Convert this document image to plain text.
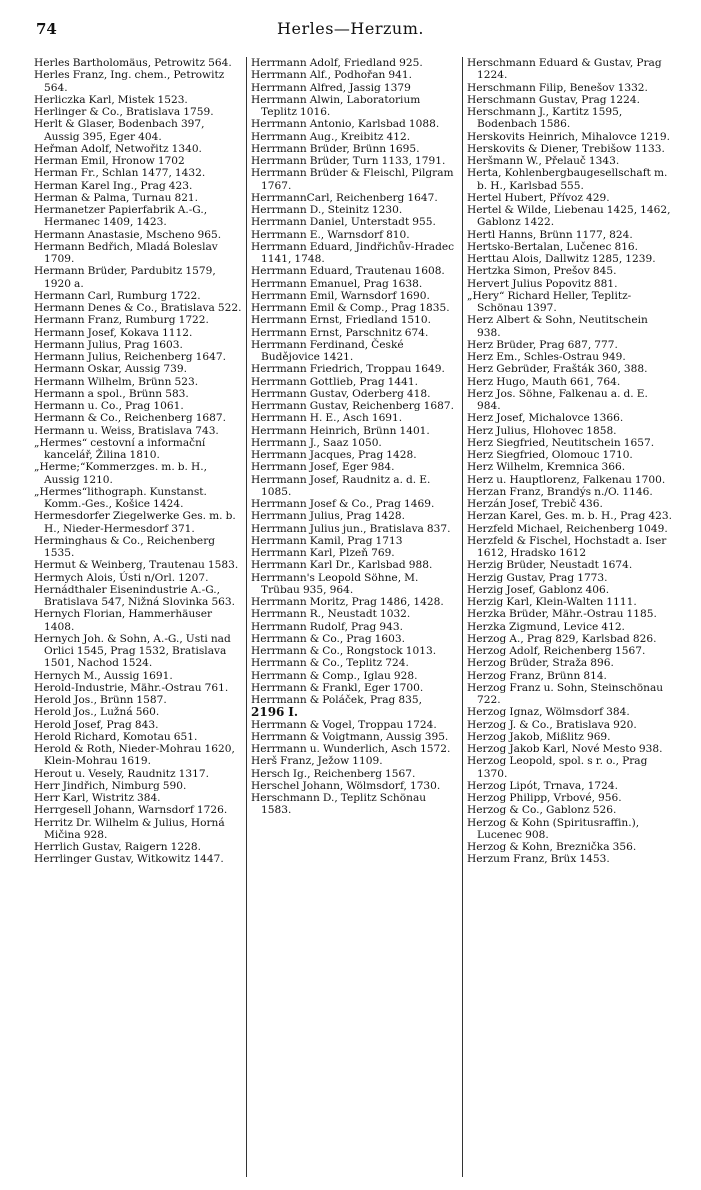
74	Herles—Herzum.

Herles Bartholomäus, Petrowitz 564.

Herles Franz, Ing. chem., Petrowitz 564.

Herliczka Karl, Mistek 1523.

Herlinger & Co., Bratislava 1759.

Herlt & Glaser, Bodenbach 397, Aussig 395, Eger 404.

Heřman Adolf, Netwořitz 1340.

Herman Emil, Hronow 1702

Herman Fr., Schlan 1477, 1432.

Herman Karel Ing., Prag 423.

Herman & Palma, Turnau 821.

Hermanetzer Papierfabrik A.-G., Hermanec 1409, 1423.

Hermann Anastasie, Mscheno 965.

Hermann Bedřich, Mladá Boleslav 1709.

Hermann Brüder, Pardubitz 1579, 1920 a.

Hermann Carl, Rumburg 1722.

Hermann Denes & Co., Bratislava 522.

Hermann Franz, Rumburg 1722.

Hermann Josef, Kokava 1112.

Hermann Julius, Prag 1603.

Hermann Julius, Reichenberg 1647.

Hermann Oskar, Aussig 739.

Hermann Wilhelm, Brünn 523.

Hermann a spol., Brünn 583.

Hermann u. Co., Prag 1061.

Hermann & Co., Reichenberg 1687.

Hermann u. Weiss, Bratislava 743.

„Hermes“ cestovní a informační kancelář, Žilina 1810.

„Herme;“Kommerzges. m. b. H., Aussig 1210.

„Hermes“lithograph. Kunstanst. Komm.-Ges., Košice 1424.

Hermesdorfer Ziegelwerke Ges. m. b. H., Nieder-Hermesdorf 371.

Herminghaus & Co., Reichenberg 1535.

Hermut & Weinberg, Trautenau 1583.

Hermych Alois, Ústi n/Orl. 1207.

Hernádthaler Eisenindustrie A.-G., Bratislava 547, Nižná Slovinka 563.

Hernych Florian, Hammerhäuser 1408.

Hernych Joh. & Sohn, A.-G., Usti nad Orlici 1545, Prag 1532, Bratislava 1501, Nachod 1524.

Hernych M., Aussig 1691.

Herold-Industrie, Mähr.-Ostrau 761.

Herold Jos., Brünn 1587.

Herold Jos., Lužná 560.

Herold Josef, Prag 843.

Herold Richard, Komotau 651.

Herold & Roth, Nieder-Mohrau 1620, Klein-Mohrau 1619.

Herout u. Vesely, Raudnitz 1317.

Herr Jindřich, Nimburg 590.

Herr Karl, Wistritz 384.

Herrgesell Johann, Warnsdorf 1726.

Herritz Dr. Wilhelm & Julius, Horná Mičina 928.

Herrlich Gustav, Raigern 1228.

Herrlinger Gustav, Witkowitz 1447.

Herrmann Adolf, Friedland 925.

Herrmann Alf., Podhořan 941.

Herrmann Alfred, Jassig 1379

Herrmann Alwin, Laboratorium Teplitz 1016.

Herrmann Antonio, Karlsbad 1088.

Herrmann Aug., Kreibitz 412.

Herrmann Brüder, Brünn 1695.

Herrmann Brüder, Turn 1133, 1791.

Herrmann Brüder & Fleischl, Pilgram 1767.

HerrmannCarl, Reichenberg 1647.

Herrmann D., Steinitz 1230.

Herrmann Daniel, Unterstadt 955.

Herrmann E., Warnsdorf 810.

Herrmann Eduard, Jindřichův-Hradec 1141, 1748.

Herrmann Eduard, Trautenau 1608.

Herrmann Emanuel, Prag 1638.

Herrmann Emil, Warnsdorf 1690.

Herrmann Emil & Comp., Prag 1835.

Herrmann Ernst, Friedland 1510.

Herrmann Ernst, Parschnitz 674.

Herrmann Ferdinand, České Budějovice 1421.

Herrmann Friedrich, Troppau 1649.

Herrmann Gottlieb, Prag 1441.

Herrmann Gustav, Oderberg 418.

Herrmann Gustav, Reichenberg 1687.

Herrmann H. E., Asch 1691.

Herrmann Heinrich, Brünn 1401.

Herrmann J., Saaz 1050.

Herrmann Jacques, Prag 1428.

Herrmann Josef, Eger 984.

Herrmann Josef, Raudnitz a. d. E. 1085.

Herrmann Josef & Co., Prag 1469.

Herrmann Julius, Prag 1428.

Herrmann Julius jun., Bratislava 837.

Herrmann Kamil, Prag 1713

Herrmann Karl, Plzeň 769.

Herrmann Karl Dr., Karlsbad 988.

Herrmann's Leopold Söhne, M. Trübau 935, 964.

Herrmann Moritz, Prag 1486, 1428.

Herrmann R., Neustadt 1032.

Herrmann Rudolf, Prag 943.

Herrmann & Co., Prag 1603.

Herrmann & Co., Rongstock 1013.

Herrmann & Co., Teplitz 724.

Herrmann & Comp., Iglau 928.

Herrmann & Frankl, Eger 1700.

Herrmann & Poláček, Prag 835,

2196 I.

Herrmann & Vogel, Troppau 1724.

Herrmann & Voigtmann, Aussig 395.

Herrmann u. Wunderlich, Asch 1572.

Herš Franz, Ježow 1109.

Hersch Ig., Reichenberg 1567.

Herschel Johann, Wölmsdorf, 1730.

Herschmann D., Teplitz Schönau 1583.

Herschmann Eduard & Gustav, Prag 1224.

Herschmann Filip, Benešov 1332.

Herschmann Gustav, Prag 1224.

Herschmann J., Kartitz 1595, Bodenbach 1586.

Herskovits Heinrich, Mihalovce 1219.

Herskovits & Diener, Trebišow 1133.

Heršmann W., Přelauč 1343.

Herta, Kohlenbergbaugesellschaft m. b. H., Karlsbad 555.

Hertel Hubert, Přívoz 429.

Hertel & Wilde, Liebenau 1425, 1462, Gablonz 1422.

Hertl Hanns, Brünn 1177, 824.

Hertsko-Bertalan, Lučenec 816.

Herttau Alois, Dallwitz 1285, 1239.

Hertzka Simon, Prešov 845.

Hervert Julius Popovitz 881.

„Hery“ Richard Heller, Teplitz-Schönau 1397.

Herz Albert & Sohn, Neutitschein 938.

Herz Brüder, Prag 687, 777.

Herz Em., Schles-Ostrau 949.

Herz Gebrüder, Frašták 360, 388.

Herz Hugo, Mauth 661, 764.

Herz Jos. Söhne, Falkenau a. d. E. 984.

Herz Josef, Michalovce 1366.

Herz Julius, Hlohovec 1858.

Herz Siegfried, Neutitschein 1657.

Herz Siegfried, Olomouc 1710.

Herz Wilhelm, Kremnica 366.

Herz u. Hauptlorenz, Falkenau 1700.

Herzan Franz, Brandýs n./O. 1146.

Herzán Josef, Trebič 436.

Herzan Karel, Ges. m. b. H., Prag 423.

Herzfeld Michael, Reichenberg 1049.

Herzfeld & Fischel, Hochstadt a. Iser 1612, Hradsko 1612

Herzig Brüder, Neustadt 1674.

Herzig Gustav, Prag 1773.

Herzig Josef, Gablonz 406.

Herzig Karl, Klein-Walten 1111.

Herzka Brüder, Mähr.-Ostrau 1185.

Herzka Zigmund, Levice 412.

Herzog A., Prag 829, Karlsbad 826.

Herzog Adolf, Reichenberg 1567.

Herzog Brüder, Straža 896.

Herzog Franz, Brünn 814.

Herzog Franz u. Sohn, Steinschönau 722.

Herzog Ignaz, Wölmsdorf 384.

Herzog J. & Co., Bratislava 920.

Herzog Jakob, Mißlitz 969.

Herzog Jakob Karl, Nové Mesto 938.

Herzog Leopold, spol. s r. o., Prag 1370.

Herzog Lipót, Trnava, 1724.

Herzog Philipp, Vrbové, 956.

Herzog & Co., Gablonz 526.

Herzog & Kohn (Spiritusraffin.), Lucenec 908.

Herzog & Kohn, Breznička 356.

Herzum Franz, Brüx 1453.
